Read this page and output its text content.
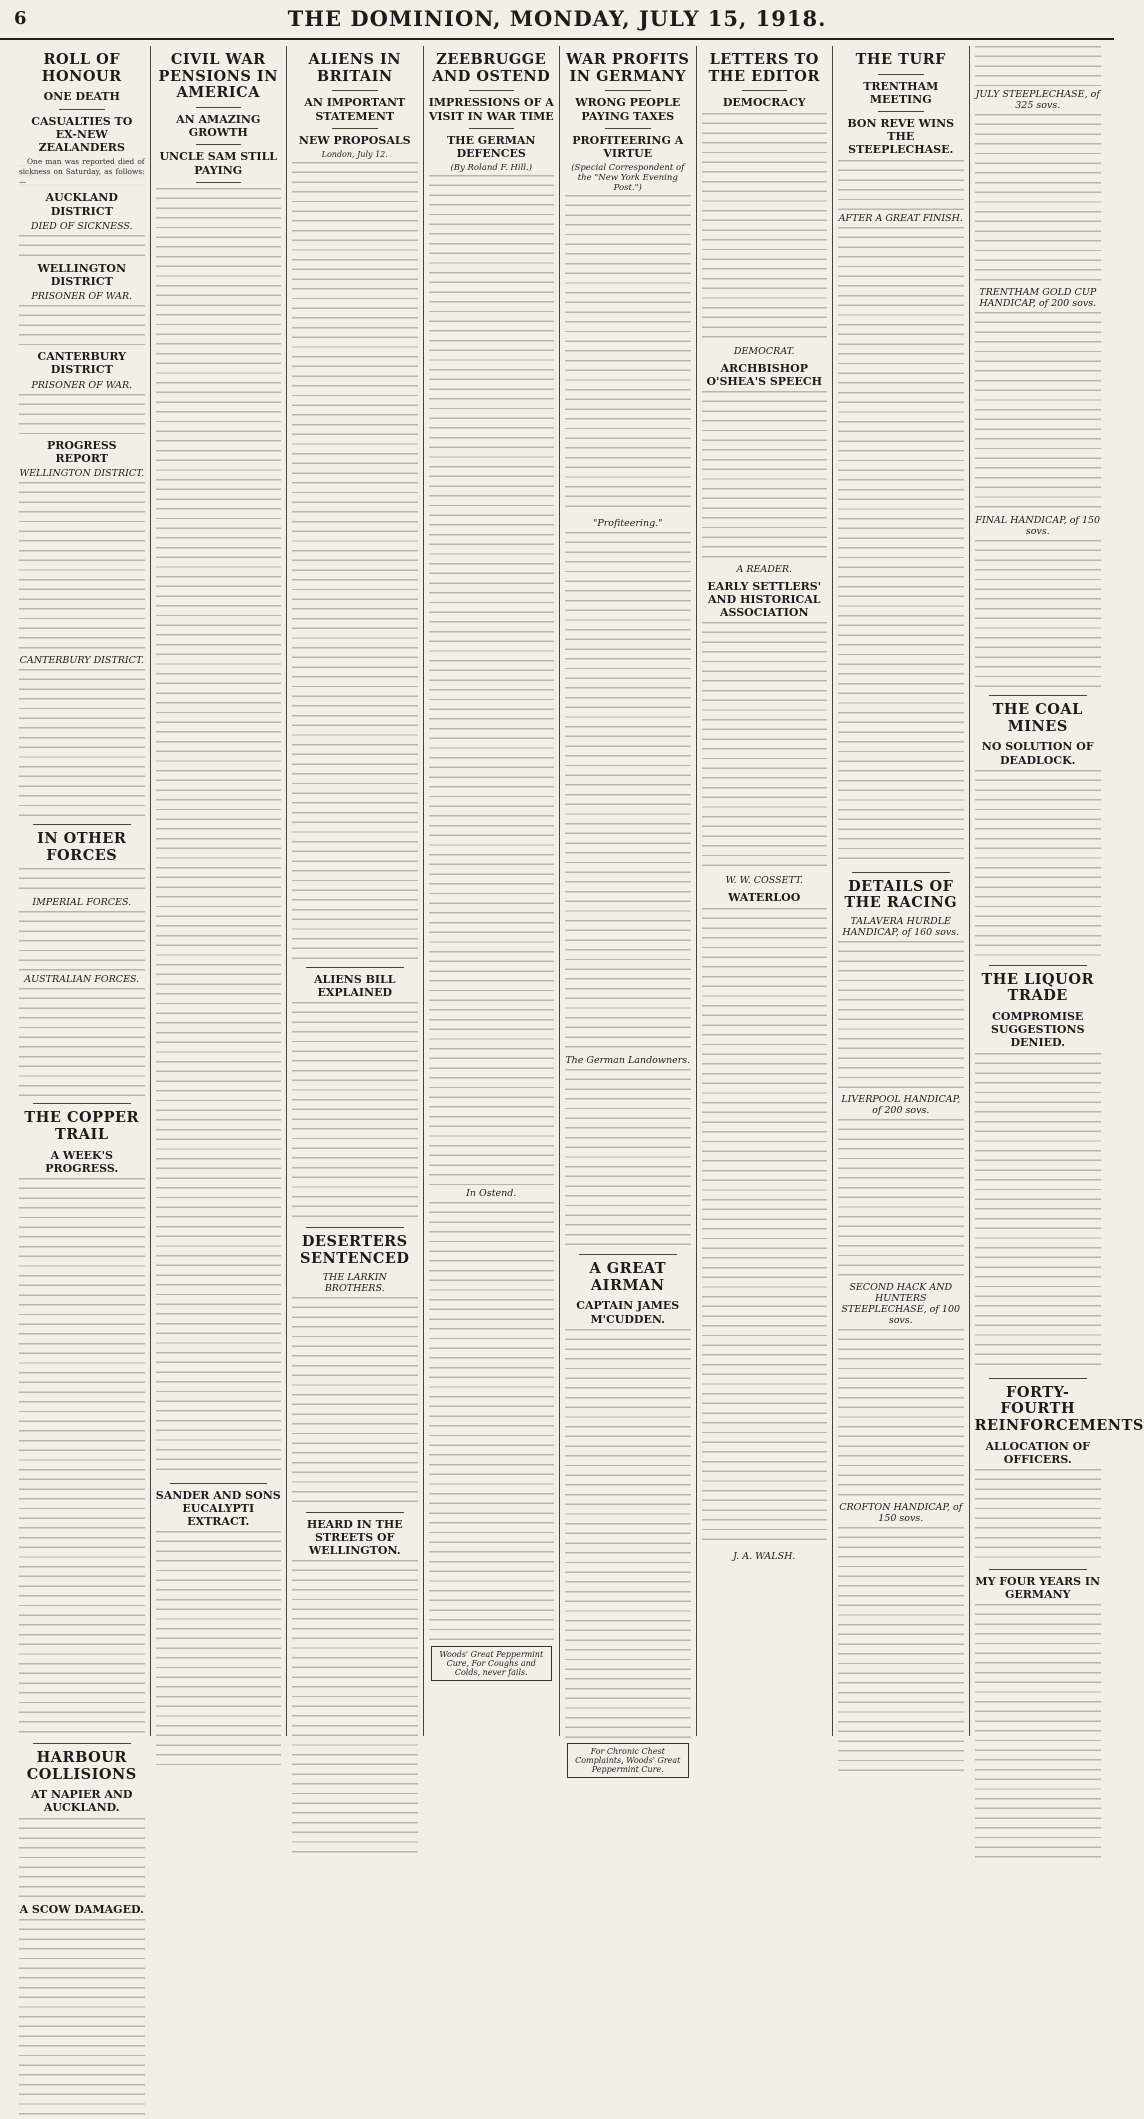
6	THE DOMINION, MONDAY, JULY 15, 1918.
ROLL OF HONOUR
ONE DEATH
CASUALTIES TO EX-NEW ZEALANDERS

One man was reported died of sickness on Saturday, as follows:—

AUCKLAND DISTRICT
DIED OF SICKNESS.
WELLINGTON DISTRICT
PRISONER OF WAR.
CANTERBURY DISTRICT
PRISONER OF WAR.
PROGRESS REPORT
WELLINGTON DISTRICT.
CANTERBURY DISTRICT.
IN OTHER FORCES
IMPERIAL FORCES.
AUSTRALIAN FORCES.
THE COPPER TRAIL
A WEEK'S PROGRESS.
HARBOUR COLLISIONS
AT NAPIER AND AUCKLAND.
A SCOW DAMAGED.
CIVIL WAR PENSIONS IN AMERICA
AN AMAZING GROWTH
UNCLE SAM STILL PAYING
SANDER AND SONS EUCALYPTI EXTRACT.
ALIENS IN BRITAIN
AN IMPORTANT STATEMENT
NEW PROPOSALS
London, July 12.
ALIENS BILL EXPLAINED
DESERTERS SENTENCED
THE LARKIN BROTHERS.
HEARD IN THE STREETS OF WELLINGTON.
ZEEBRUGGE AND OSTEND
IMPRESSIONS OF A VISIT IN WAR TIME
THE GERMAN DEFENCES
(By Roland F. Hill.)
In Ostend.
Woods' Great Peppermint Cure, For Coughs and Colds, never fails.
WAR PROFITS IN GERMANY
WRONG PEOPLE PAYING TAXES
PROFITEERING A VIRTUE
(Special Correspondent of the "New York Evening Post.")
"Profiteering."
The German Landowners.
A GREAT AIRMAN
CAPTAIN JAMES M'CUDDEN.
For Chronic Chest Complaints, Woods' Great Peppermint Cure.
LETTERS TO THE EDITOR
DEMOCRACY
DEMOCRAT.
ARCHBISHOP O'SHEA'S SPEECH
A READER.
EARLY SETTLERS' AND HISTORICAL ASSOCIATION
W. W. COSSETT.
WATERLOO
J. A. WALSH.
THE TURF
TRENTHAM MEETING
BON REVE WINS THE STEEPLECHASE.
AFTER A GREAT FINISH.
DETAILS OF THE RACING
TALAVERA HURDLE HANDICAP, of 160 sovs.
LIVERPOOL HANDICAP, of 200 sovs.
SECOND HACK AND HUNTERS STEEPLECHASE, of 100 sovs.
CROFTON HANDICAP, of 150 sovs.
JULY STEEPLECHASE, of 325 sovs.
TRENTHAM GOLD CUP HANDICAP, of 200 sovs.
FINAL HANDICAP, of 150 sovs.
THE COAL MINES
NO SOLUTION OF DEADLOCK.
THE LIQUOR TRADE
COMPROMISE SUGGESTIONS DENIED.
FORTY-FOURTH REINFORCEMENTS
ALLOCATION OF OFFICERS.
MY FOUR YEARS IN GERMANY
